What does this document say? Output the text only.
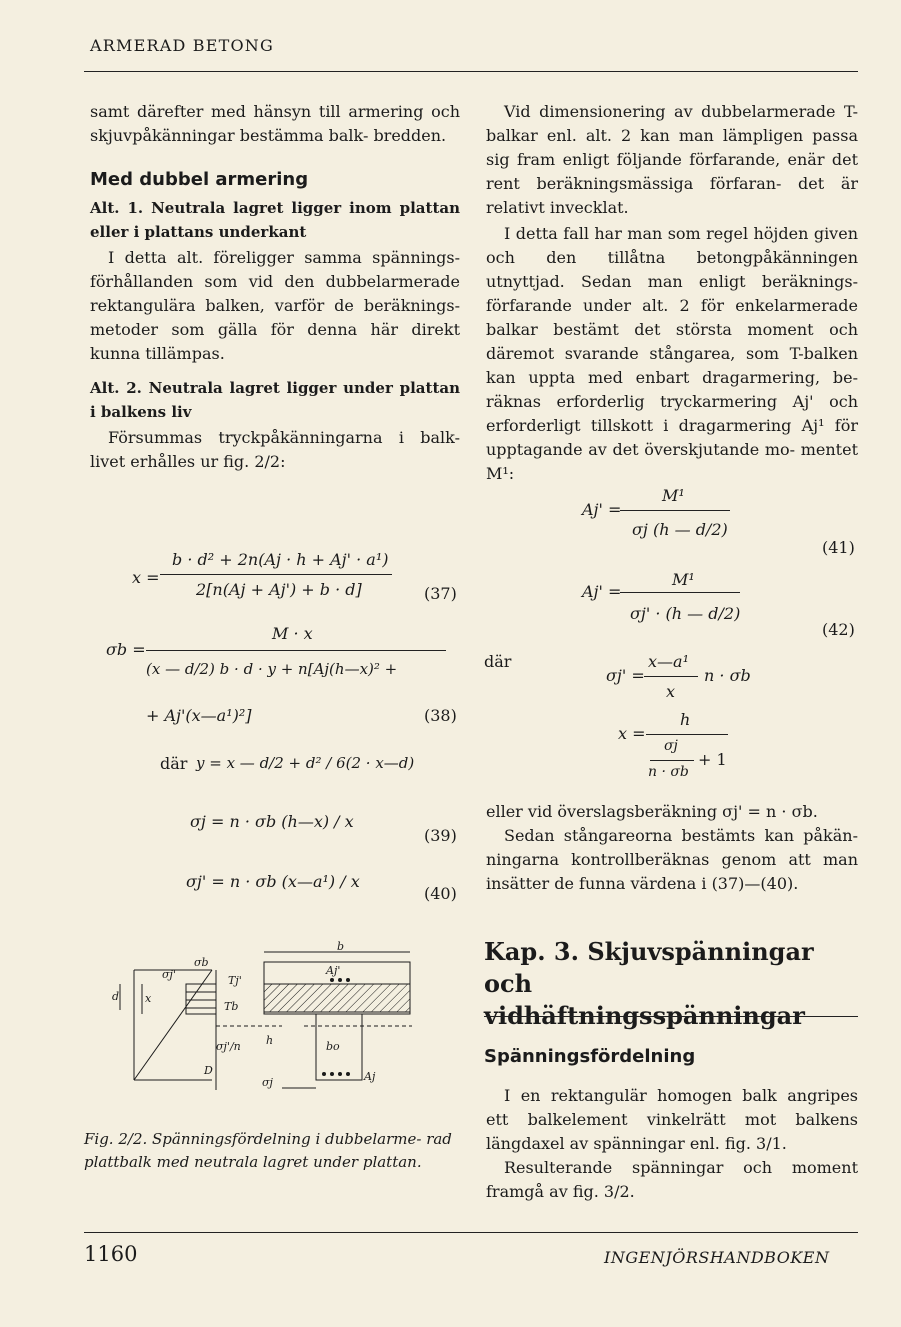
ARMERAD BETONG

samt därefter med hänsyn till armering och skjuvpåkänningar bestämma balk- bredden.

Med dubbel armering

Alt. 1. Neutrala lagret ligger inom plattan eller i plattans underkant

I detta alt. föreligger samma spännings- förhållanden som vid den dubbelarmerade rektangulära balken, varför de beräknings- metoder som gälla för denna här direkt kunna tillämpas.

Alt. 2. Neutrala lagret ligger under plattan i balkens liv

Försummas tryckpåkänningarna i balk- livet erhålles ur fig. 2/2:

x =
b · d² + 2n(Aj · h + Aj' · a¹)
2[n(Aj + Aj') + b · d]	(37)
σb =
M · x
(x — d/2) b · d · y + n[Aj(h—x)² +
+ Aj'(x—a¹)²]	(38)
där y = x — d/2 + d² / 6(2 · x—d)
σj = n · σb (h—x) / x
(39)
σj' = n · σb (x—a¹) / x
(40)
b
σb
σj'
d x
Tj'
Tb
Aj'
h	bo
σj'/n
D
σj	Aj
Fig. 2/2. Spänningsfördelning i dubbelarme- rad plattbalk med neutrala lagret under plattan.

Vid dimensionering av dubbelarmerade T-balkar enl. alt. 2 kan man lämpligen passa sig fram enligt följande förfarande, enär det rent beräkningsmässiga förfaran- det är relativt invecklat.

I detta fall har man som regel höjden given och den tillåtna betongpåkänningen utnyttjad. Sedan man enligt beräknings- förfarande under alt. 2 för enkelarmerade balkar bestämt det största moment och däremot svarande stångarea, som T-balken kan uppta med enbart dragarmering, be- räknas erforderlig tryckarmering Aj' och erforderligt tillskott i dragarmering Aj¹ för upptagande av det överskjutande mo- mentet M¹:

Aj' =
M¹
σj (h — d/2)
(41)
Aj' =
M¹
σj' · (h — d/2)
(42)
där
σj' =
x—a¹
x
n · σb
x =
h
σj
n · σb
+ 1

eller vid överslagsberäkning σj' = n · σb.

Sedan stångareorna bestämts kan påkän- ningarna kontrollberäknas genom att man insätter de funna värdena i (37)—(40).

Kap. 3. Skjuvspänningar och vidhäftningsspänningar
Spänningsfördelning

I en rektangulär homogen balk angripes ett balkelement vinkelrätt mot balkens längdaxel av spänningar enl. fig. 3/1.

Resulterande spänningar och moment framgå av fig. 3/2.

1160	INGENJÖRSHANDBOKEN
